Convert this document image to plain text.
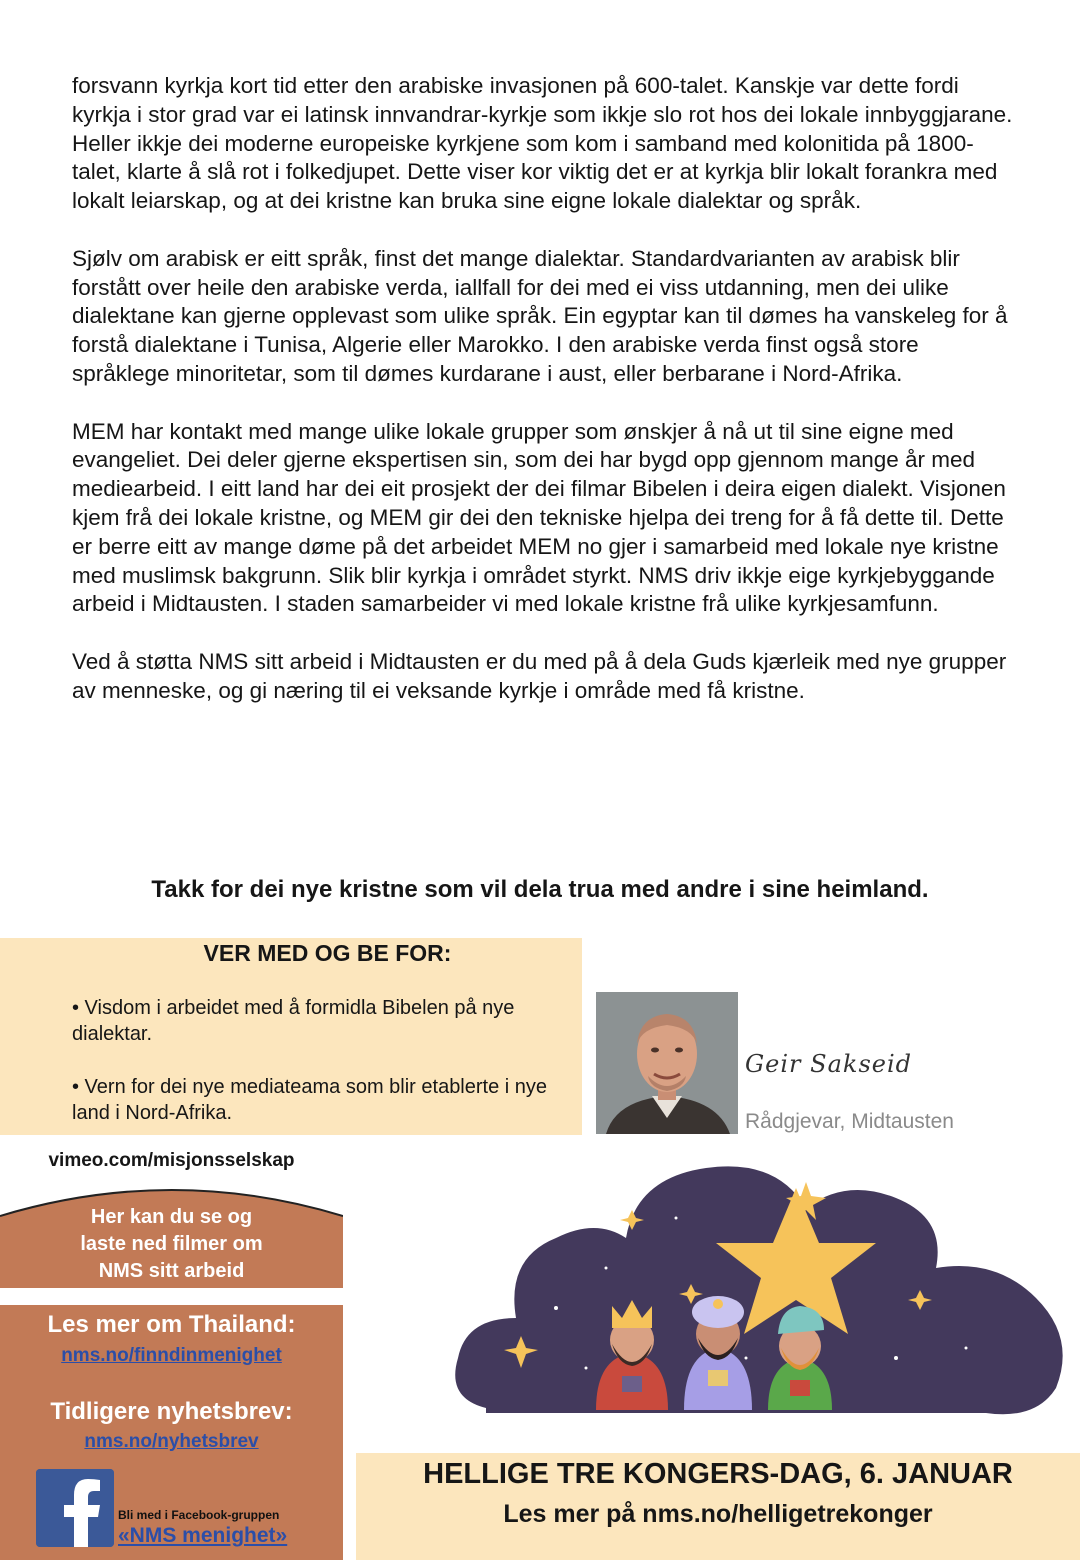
forsvann kyrkja kort tid etter den arabiske invasjonen på 600-talet. Kanskje var dette fordi kyrkja i stor grad var ei latinsk innvandrar-kyrkje som ikkje slo rot hos dei lokale innbyggjarane. Heller ikkje dei moderne europeiske kyrkjene som kom i samband med kolonitida på 1800-talet, klarte å slå rot i folkedjupet. Dette viser kor viktig det er at kyrkja blir lokalt forankra med lokalt leiarskap, og at dei kristne kan bruka sine eigne lokale dialektar og språk.

Sjølv om arabisk er eitt språk, finst det mange dialektar. Standardvarianten av arabisk blir forstått over heile den arabiske verda, iallfall for dei med ei viss utdanning, men dei ulike dialektane kan gjerne opplevast som ulike språk. Ein egyptar kan til dømes ha vanskeleg for å forstå dialektane i Tunisa, Algerie eller Marokko. I den arabiske verda finst også store språklege minoritetar, som til dømes kurdarane i aust, eller berbarane i Nord-Afrika.

MEM har kontakt med mange ulike lokale grupper som ønskjer å nå ut til sine eigne med evangeliet. Dei deler gjerne ekspertisen sin, som dei har bygd opp gjennom mange år med mediearbeid. I eitt land har dei eit prosjekt der dei filmar Bibelen i deira eigen dialekt. Visjonen kjem frå dei lokale kristne, og MEM gir dei den tekniske hjelpa dei treng for å få dette til. Dette er berre eitt av mange døme på det arbeidet MEM no gjer i samarbeid med lokale nye kristne med muslimsk bakgrunn. Slik blir kyrkja i området styrkt. NMS driv ikkje eige kyrkjebyggande arbeid i Midtausten. I staden samarbeider vi med lokale kristne frå ulike kyrkjesamfunn.

Ved å støtta NMS sitt arbeid i Midtausten er du med på å dela Guds kjærleik med nye grupper av menneske, og gi næring til ei veksande kyrkje i område med få kristne.

Takk for dei nye kristne som vil dela trua med andre i sine heimland.
VER MED OG BE FOR:
• Visdom i arbeidet med å formidla Bibelen på nye dialektar.
• Vern for dei nye mediateama som blir etablerte i nye land i Nord-Afrika.
Geir Sakseid
Rådgjevar, Midtausten
vimeo.com/misjonsselskap
Her kan du se og
laste ned filmer om
NMS sitt arbeid
Les mer om Thailand:
nms.no/finndinmenighet
Tidligere nyhetsbrev:
nms.no/nyhetsbrev
Bli med i Facebook-gruppen
«NMS menighet»
HELLIGE TRE KONGERS-DAG, 6. JANUAR
Les mer på nms.no/helligetrekonger
